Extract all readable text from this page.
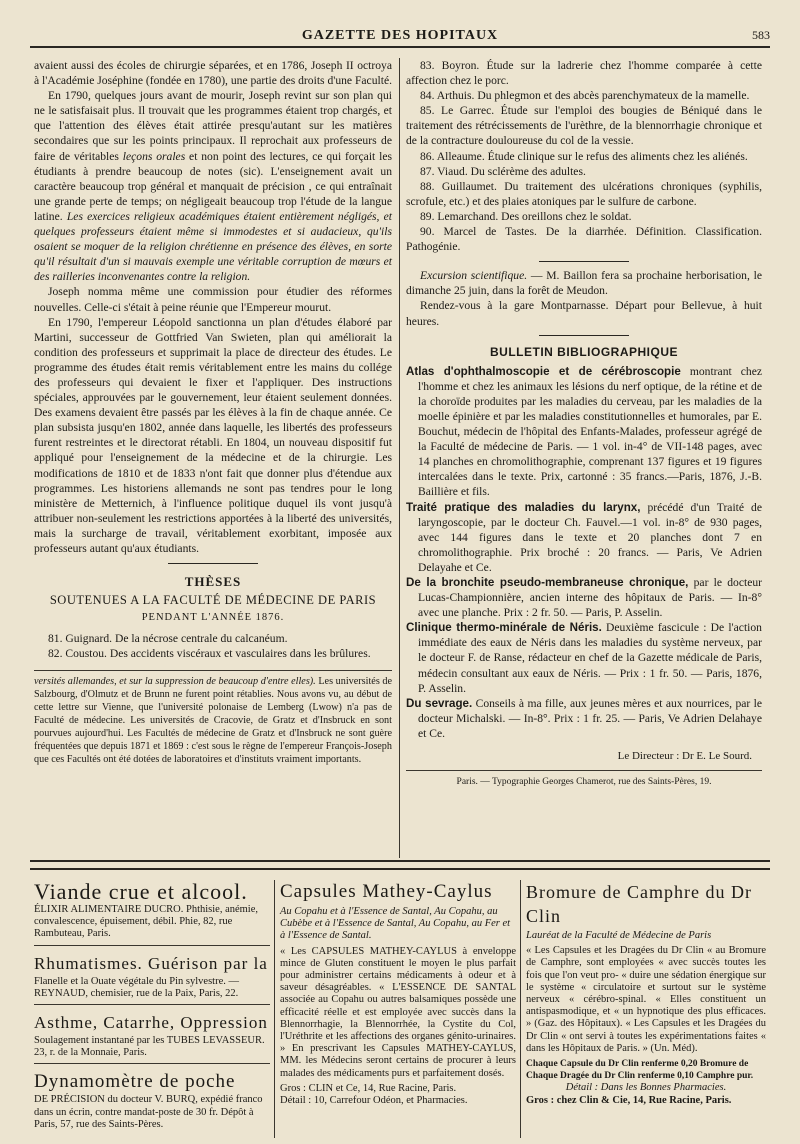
GAZETTE DES HOPITAUX	583

avaient aussi des écoles de chirurgie séparées, et en 1786, Joseph II octroya à l'Académie Joséphine (fondée en 1780), une partie des droits d'une Faculté.

En 1790, quelques jours avant de mourir, Joseph revint sur son plan qui ne le satisfaisait plus. Il trouvait que les programmes étaient trop chargés, et que l'attention des élèves était attirée presqu'autant sur les matières secondaires que sur les points principaux. Il reprochait aux professeurs de faire de véritables leçons orales et non point des lectures, ce qui forçait les étudiants à prendre beaucoup de notes (sic). L'enseignement avait un caractère beaucoup trop général et manquait de précision , ce qui entraînait une grande perte de temps; on négligeait beaucoup trop l'étude de la langue latine. Les exercices religieux académiques étaient entièrement négligés, et quelques professeurs étaient même si immodestes et si audacieux, qu'ils osaient se moquer de la religion chrétienne en présence des élèves, en sorte qu'il résultait d'un si mauvais exemple une véritable corruption de mœurs et des railleries inconvenantes contre la religion.

Joseph nomma même une commission pour étudier des réformes nouvelles. Celle-ci s'était à peine réunie que l'Empereur mourut.

En 1790, l'empereur Léopold sanctionna un plan d'études élaboré par Martini, successeur de Gottfried Van Swieten, plan qui améliorait la condition des professeurs et supprimait la place de directeur des études. Le programme des études était remis véritablement entre les mains du collége des professeurs qui devaient le fixer et l'appliquer. Des instructions spéciales, approuvées par le gouvernement, leur étaient seulement données. Des examens devaient être passés par les élèves à la fin de chaque année. Ce plan subsista jusqu'en 1802, année dans laquelle, les libertés des professeurs furent restreintes et le directorat rétabli. En 1804, un nouveau dispositif fut appliqué pour l'enseignement de la médecine et de la chirurgie. Les modifications de 1810 et de 1833 n'ont fait que donner plus d'étendue aux programmes. Les historiens allemands ne sont pas tendres pour le long ministère de Metternich, à l'influence politique duquel ils vont jusqu'à attribuer non-seulement les restrictions apportées à la liberté des universités, mais la surcharge de travail, véritablement exorbitant, imposée aux professeurs autant qu'aux étudiants.

THÈSES
SOUTENUES A LA FACULTÉ DE MÉDECINE DE PARIS
PENDANT L'ANNÉE 1876.

81. Guignard. De la nécrose centrale du calcanéum.

82. Coustou. Des accidents viscéraux et vasculaires dans les brûlures.

versités allemandes, et sur la suppression de beaucoup d'entre elles). Les universités de Salzbourg, d'Olmutz et de Brunn ne furent point rétablies. Nous avons vu, au début de cette lettre sur Vienne, que l'université polonaise de Lemberg (Lwow) n'a pas de Faculté de médecine. Les universités de Cracovie, de Gratz et d'Insbruck en sont pourvues aujourd'hui. Les Facultés de médecine de Gratz et d'Insbruck ne sont guère fréquentées que depuis 1871 et 1869 : c'est sous le règne de l'empereur François-Joseph que ces Facultés ont été dotées de laboratoires et d'instituts vraiment importants.

83. Boyron. Étude sur la ladrerie chez l'homme comparée à cette affection chez le porc.

84. Arthuis. Du phlegmon et des abcès parenchymateux de la mamelle.

85. Le Garrec. Étude sur l'emploi des bougies de Béniqué dans le traitement des rétrécissements de l'urèthre, de la blennorrhagie chronique et de la contracture douloureuse du col de la vessie.

86. Alleaume. Étude clinique sur le refus des aliments chez les aliénés.

87. Viaud. Du sclérème des adultes.

88. Guillaumet. Du traitement des ulcérations chroniques (syphilis, scrofule, etc.) et des plaies atoniques par le sulfure de carbone.

89. Lemarchand. Des oreillons chez le soldat.

90. Marcel de Tastes. De la diarrhée. Définition. Classification. Pathogénie.

Excursion scientifique. — M. Baillon fera sa prochaine herborisation, le dimanche 25 juin, dans la forêt de Meudon.

Rendez-vous à la gare Montparnasse. Départ pour Bellevue, à huit heures.

BULLETIN BIBLIOGRAPHIQUE

Atlas d'ophthalmoscopie et de cérébroscopie montrant chez l'homme et chez les animaux les lésions du nerf optique, de la rétine et de la choroïde produites par les maladies du cerveau, par les maladies de la moelle épinière et par les maladies constitutionnelles et humorales, par E. Bouchut, médecin de l'hôpital des Enfants-Malades, professeur agrégé de la Faculté de médecine de Paris. — 1 vol. in-4° de VII-148 pages, avec 14 planches en chromolithographie, comprenant 137 figures et 19 figures intercalées dans le texte. Prix, cartonné : 35 francs.—Paris, 1876, J.-B. Baillière et fils.

Traité pratique des maladies du larynx, précédé d'un Traité de laryngoscopie, par le docteur Ch. Fauvel.—1 vol. in-8° de 930 pages, avec 144 figures dans le texte et 20 planches dont 7 en chromolithographie. Prix broché : 20 francs. — Paris, Ve Adrien Delayahe et Ce.

De la bronchite pseudo-membraneuse chronique, par le docteur Lucas-Championnière, ancien interne des hôpitaux de Paris. — In-8° avec une planche. Prix : 2 fr. 50. — Paris, P. Asselin.

Clinique thermo-minérale de Néris. Deuxième fascicule : De l'action immédiate des eaux de Néris dans les maladies du système nerveux, par le docteur F. de Ranse, rédacteur en chef de la Gazette médicale de Paris, médecin consultant aux eaux de Néris. — Prix : 1 fr. 50. — Paris, 1876, P. Asselin.

Du sevrage. Conseils à ma fille, aux jeunes mères et aux nourrices, par le docteur Michalski. — In-8°. Prix : 1 fr. 25. — Paris, Ve Adrien Delahaye et Ce.

Le Directeur : Dr E. Le Sourd.
Paris. — Typographie Georges Chamerot, rue des Saints-Pères, 19.
Viande crue et alcool.
ÉLIXIR ALIMENTAIRE DUCRO. Phthisie, anémie, convalescence, épuisement, débil. Phie, 82, rue Rambuteau, Paris.
Rhumatismes. Guérison par la
Flanelle et la Ouate végétale du Pin sylvestre. — REYNAUD, chemisier, rue de la Paix, Paris, 22.
Asthme, Catarrhe, Oppression
Soulagement instantané par les TUBES LEVASSEUR. 23, r. de la Monnaie, Paris.
Dynamomètre de poche
DE PRÉCISION du docteur V. BURQ, expédié franco dans un écrin, contre mandat-poste de 30 fr. Dépôt à Paris, 57, rue des Saints-Pères.
Capsules Mathey-Caylus
Au Copahu et à l'Essence de Santal, Au Copahu, au Cubèbe et à l'Essence de Santal, Au Copahu, au Fer et à l'Essence de Santal.
« Les CAPSULES MATHEY-CAYLUS à enveloppe mince de Gluten constituent le moyen le plus parfait pour administrer certains médicaments à odeur et à saveur désagréables. « L'ESSENCE DE SANTAL associée au Copahu ou autres balsamiques possède une efficacité réelle et est employée avec succès dans la Blennorrhagie, la Blennorrhée, la Cystite du Col, l'Uréthrite et les affections des organes génito-urinaires. » En prescrivant les Capsules MATHEY-CAYLUS, MM. les Médecins seront certains de procurer à leurs malades des médicaments purs et parfaitement dosés.
Gros : CLIN et Ce, 14, Rue Racine, Paris.
Détail : 10, Carrefour Odéon, et Pharmacies.
Bromure de Camphre du Dr Clin
Lauréat de la Faculté de Médecine de Paris
« Les Capsules et les Dragées du Dr Clin « au Bromure de Camphre, sont employées « avec succès toutes les fois que l'on veut pro- « duire une sédation énergique sur le système « circulatoire et surtout sur le système nerveux « cérébro-spinal. « Elles constituent un antispasmodique, et « un hypnotique des plus efficaces. » (Gaz. des Hôpitaux). « Les Capsules et les Dragées du Dr Clin « ont servi à toutes les expérimentations faites « dans les Hôpitaux de Paris. » (Un. Méd).
Chaque Capsule du Dr Clin renferme 0,20 Bromure de Chaque Dragée du Dr Clin renferme 0,10 Camphre pur.
Détail : Dans les Bonnes Pharmacies.
Gros : chez Clin & Cie, 14, Rue Racine, Paris.
